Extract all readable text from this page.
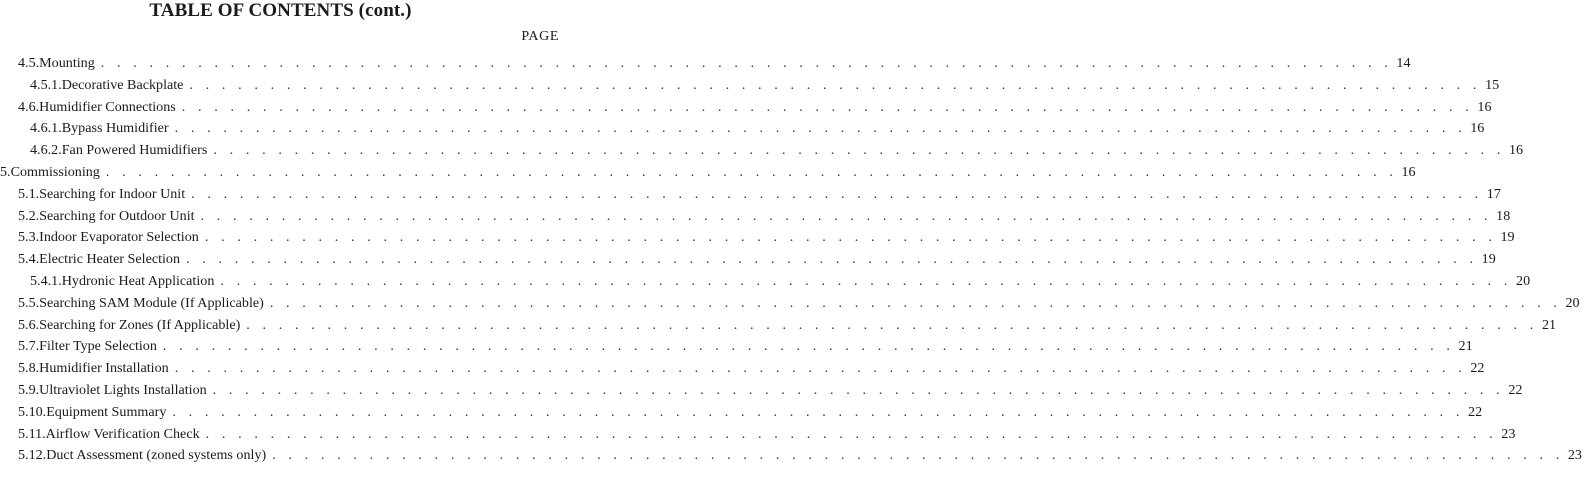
TABLE OF CONTENTS (cont.)
PAGE
4.5. Mounting . . . . . . . . . . . . . . . . . . . . . . . . . . . . . . . . . . . . . . . . . . . . . . . . . . . . . . . . . . . . . . . . . . . . . . . . . . . . . . . . 14
4.5.1. Decorative Backplate . . . . . . . . . . . . . . . . . . . . . . . . . . . . . . . . . . . . . . . . . . . . . . . . . . . . . . . . . . . . . . . . . . . . . . . . . . . . . . . . 15
4.6. Humidifier Connections . . . . . . . . . . . . . . . . . . . . . . . . . . . . . . . . . . . . . . . . . . . . . . . . . . . . . . . . . . . . . . . . . . . . . . . . . . . . . . . . 16
4.6.1. Bypass Humidifier . . . . . . . . . . . . . . . . . . . . . . . . . . . . . . . . . . . . . . . . . . . . . . . . . . . . . . . . . . . . . . . . . . . . . . . . . . . . . . . . 16
4.6.2. Fan Powered Humidifiers . . . . . . . . . . . . . . . . . . . . . . . . . . . . . . . . . . . . . . . . . . . . . . . . . . . . . . . . . . . . . . . . . . . . . . . . . . . . . . . . 16
5. Commissioning . . . . . . . . . . . . . . . . . . . . . . . . . . . . . . . . . . . . . . . . . . . . . . . . . . . . . . . . . . . . . . . . . . . . . . . . . . . . . . . . 16
5.1. Searching for Indoor Unit . . . . . . . . . . . . . . . . . . . . . . . . . . . . . . . . . . . . . . . . . . . . . . . . . . . . . . . . . . . . . . . . . . . . . . . . . . . . . . . . 17
5.2. Searching for Outdoor Unit . . . . . . . . . . . . . . . . . . . . . . . . . . . . . . . . . . . . . . . . . . . . . . . . . . . . . . . . . . . . . . . . . . . . . . . . . . . . . . . . 18
5.3. Indoor Evaporator Selection . . . . . . . . . . . . . . . . . . . . . . . . . . . . . . . . . . . . . . . . . . . . . . . . . . . . . . . . . . . . . . . . . . . . . . . . . . . . . . . . 19
5.4. Electric Heater Selection . . . . . . . . . . . . . . . . . . . . . . . . . . . . . . . . . . . . . . . . . . . . . . . . . . . . . . . . . . . . . . . . . . . . . . . . . . . . . . . . 19
5.4.1. Hydronic Heat Application . . . . . . . . . . . . . . . . . . . . . . . . . . . . . . . . . . . . . . . . . . . . . . . . . . . . . . . . . . . . . . . . . . . . . . . . . . . . . . . . 20
5.5. Searching SAM Module (If Applicable) . . . . . . . . . . . . . . . . . . . . . . . . . . . . . . . . . . . . . . . . . . . . . . . . . . . . . . . . . . . . . . . . . . . . . . . . . . . . . . . . 20
5.6. Searching for Zones (If Applicable) . . . . . . . . . . . . . . . . . . . . . . . . . . . . . . . . . . . . . . . . . . . . . . . . . . . . . . . . . . . . . . . . . . . . . . . . . . . . . . . . 21
5.7. Filter Type Selection . . . . . . . . . . . . . . . . . . . . . . . . . . . . . . . . . . . . . . . . . . . . . . . . . . . . . . . . . . . . . . . . . . . . . . . . . . . . . . . . 21
5.8. Humidifier Installation . . . . . . . . . . . . . . . . . . . . . . . . . . . . . . . . . . . . . . . . . . . . . . . . . . . . . . . . . . . . . . . . . . . . . . . . . . . . . . . . 22
5.9. Ultraviolet Lights Installation . . . . . . . . . . . . . . . . . . . . . . . . . . . . . . . . . . . . . . . . . . . . . . . . . . . . . . . . . . . . . . . . . . . . . . . . . . . . . . . . 22
5.10. Equipment Summary . . . . . . . . . . . . . . . . . . . . . . . . . . . . . . . . . . . . . . . . . . . . . . . . . . . . . . . . . . . . . . . . . . . . . . . . . . . . . . . . 22
5.11. Airflow Verification Check . . . . . . . . . . . . . . . . . . . . . . . . . . . . . . . . . . . . . . . . . . . . . . . . . . . . . . . . . . . . . . . . . . . . . . . . . . . . . . . . 23
5.12. Duct Assessment (zoned systems only) . . . . . . . . . . . . . . . . . . . . . . . . . . . . . . . . . . . . . . . . . . . . . . . . . . . . . . . . . . . . . . . . . . . . . . . . . . . . . . . . 23
